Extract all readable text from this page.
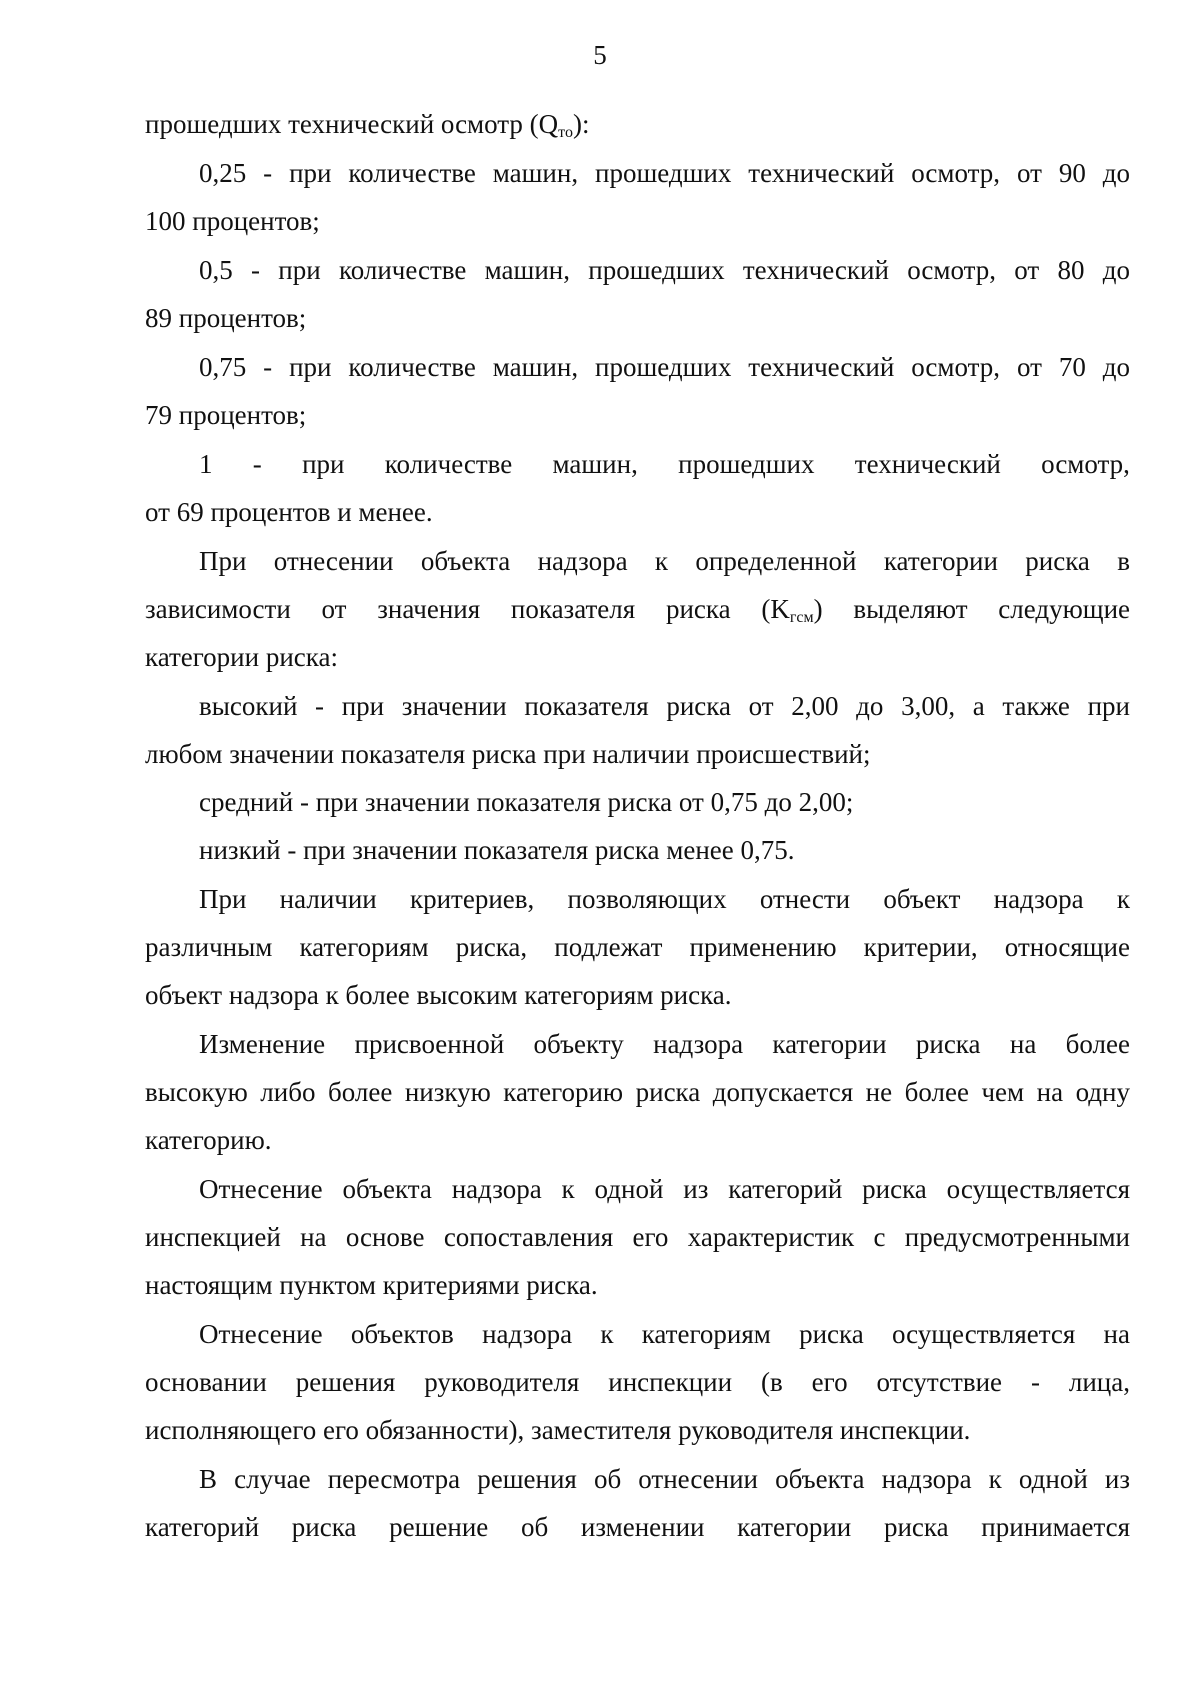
5

прошедших технический осмотр $(Q_{то})$:

0,25 - при количестве машин, прошедших технический осмотр, от 90 до
100 процентов;

0,5 - при количестве машин, прошедших технический осмотр, от 80 до
89 процентов;

0,75 - при количестве машин, прошедших технический осмотр, от 70 до
79 процентов;

1 - при количестве машин, прошедших технический осмотр,
от 69 процентов и менее.

При отнесении объекта надзора к определенной категории риска в
зависимости от значения показателя риска $(K_{гсм})$ выделяют следующие
категории риска:

высокий - при значении показателя риска от 2,00 до 3,00, а также при
любом значении показателя риска при наличии происшествий;

средний - при значении показателя риска от 0,75 до 2,00;

низкий - при значении показателя риска менее 0,75.

При наличии критериев, позволяющих отнести объект надзора к
различным категориям риска, подлежат применению критерии, относящие
объект надзора к более высоким категориям риска.

Изменение присвоенной объекту надзора категории риска на более
высокую либо более низкую категорию риска допускается не более чем на одну
категорию.

Отнесение объекта надзора к одной из категорий риска осуществляется
инспекцией на основе сопоставления его характеристик с предусмотренными
настоящим пунктом критериями риска.

Отнесение объектов надзора к категориям риска осуществляется на
основании решения руководителя инспекции (в его отсутствие - лица,
исполняющего его обязанности), заместителя руководителя инспекции.

В случае пересмотра решения об отнесении объекта надзора к одной из
категорий риска решение об изменении категории риска принимается
